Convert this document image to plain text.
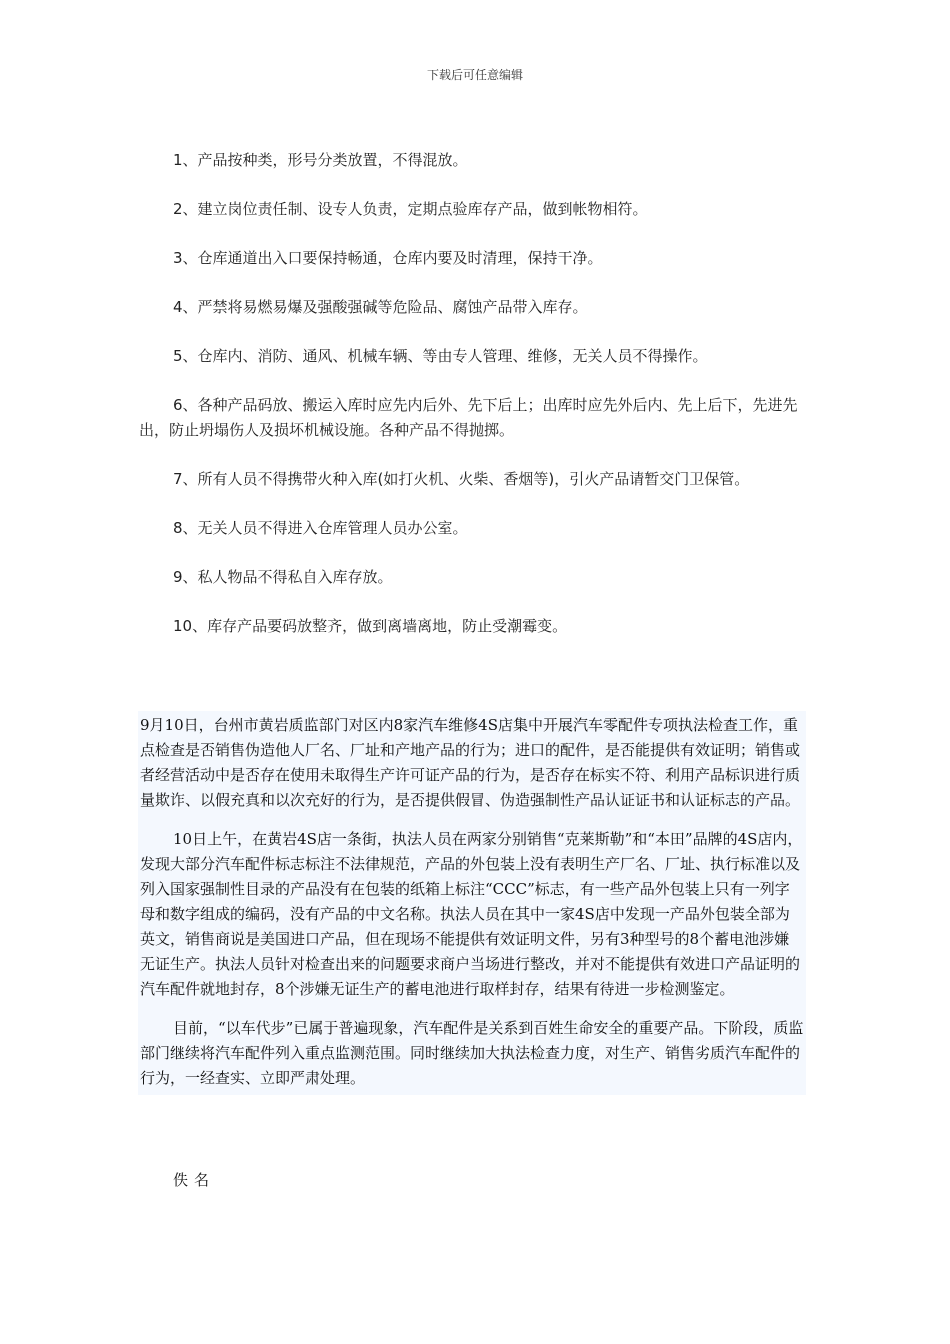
下载后可任意编辑

1、产品按种类，形号分类放置，不得混放。

2、建立岗位责任制、设专人负责，定期点验库存产品，做到帐物相符。

3、仓库通道出入口要保持畅通，仓库内要及时清理，保持干净。

4、严禁将易燃易爆及强酸强碱等危险品、腐蚀产品带入库存。

5、仓库内、消防、通风、机械车辆、等由专人管理、维修，无关人员不得操作。

6、各种产品码放、搬运入库时应先内后外、先下后上；出库时应先外后内、先上后下，先进先出，防止坍塌伤人及损坏机械设施。各种产品不得抛掷。

7、所有人员不得携带火种入库(如打火机、火柴、香烟等)，引火产品请暂交门卫保管。

8、无关人员不得进入仓库管理人员办公室。

9、私人物品不得私自入库存放。

10、库存产品要码放整齐，做到离墙离地，防止受潮霉变。

9月10日，台州市黄岩质监部门对区内8家汽车维修4S店集中开展汽车零配件专项执法检查工作，重点检查是否销售伪造他人厂名、厂址和产地产品的行为；进口的配件，是否能提供有效证明；销售或者经营活动中是否存在使用未取得生产许可证产品的行为，是否存在标实不符、利用产品标识进行质量欺诈、以假充真和以次充好的行为，是否提供假冒、伪造强制性产品认证证书和认证标志的产品。

10日上午，在黄岩4S店一条街，执法人员在两家分别销售“克莱斯勒”和“本田”品牌的4S店内，发现大部分汽车配件标志标注不法律规范，产品的外包装上没有表明生产厂名、厂址、执行标准以及列入国家强制性目录的产品没有在包装的纸箱上标注“CCC”标志，有一些产品外包装上只有一列字母和数字组成的编码，没有产品的中文名称。执法人员在其中一家4S店中发现一产品外包装全部为英文，销售商说是美国进口产品，但在现场不能提供有效证明文件，另有3种型号的8个蓄电池涉嫌无证生产。执法人员针对检查出来的问题要求商户当场进行整改，并对不能提供有效进口产品证明的汽车配件就地封存，8个涉嫌无证生产的蓄电池进行取样封存，结果有待进一步检测鉴定。

目前，“以车代步”已属于普遍现象，汽车配件是关系到百姓生命安全的重要产品。下阶段，质监部门继续将汽车配件列入重点监测范围。同时继续加大执法检查力度，对生产、销售劣质汽车配件的行为，一经查实、立即严肃处理。

佚名
